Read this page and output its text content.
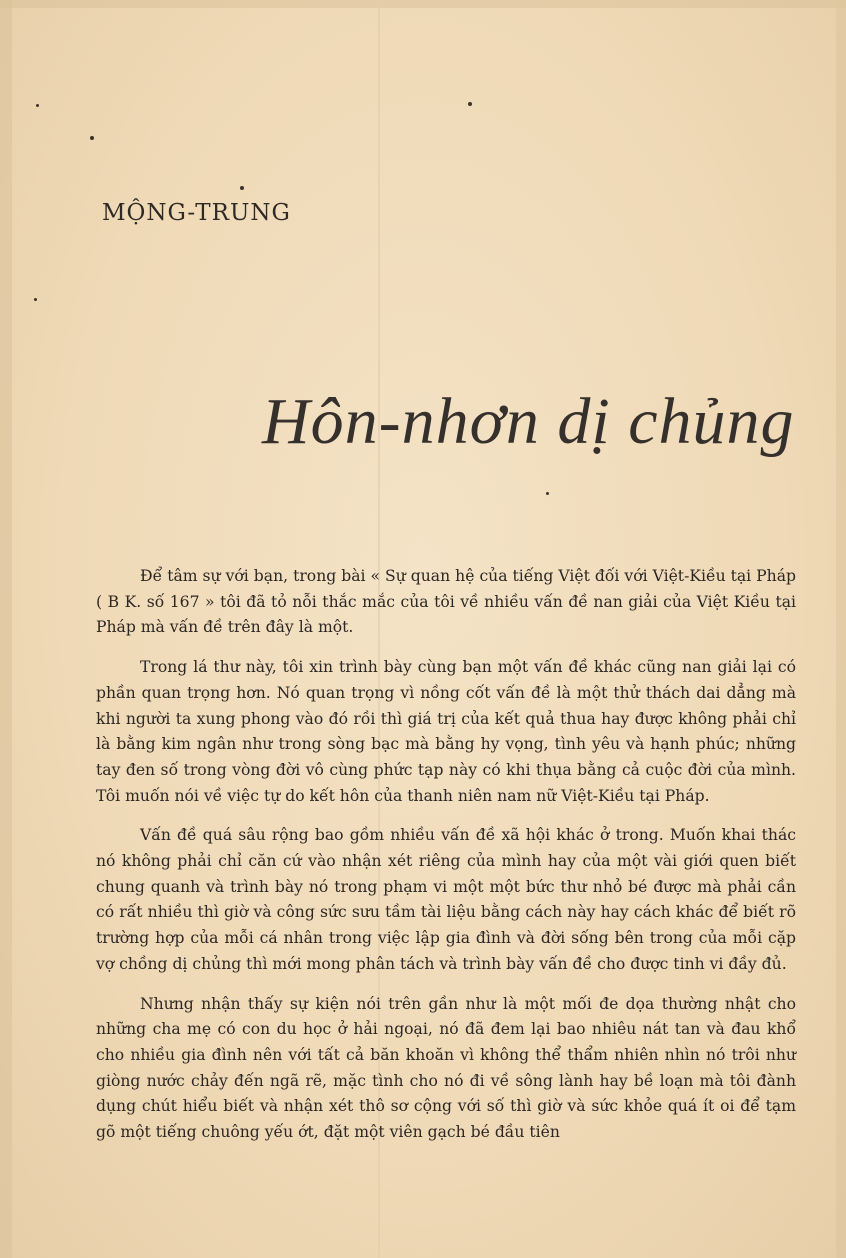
MỘNG-TRUNG
Hôn-nhơn dị chủng

Để tâm sự với bạn, trong bài « Sự quan hệ của tiếng Việt đối với Việt-Kiều tại Pháp ( B K. số 167 » tôi đã tỏ nỗi thắc mắc của tôi về nhiều vấn đề nan giải của Việt Kiều tại Pháp mà vấn đề trên đây là một.

Trong lá thư này, tôi xin trình bày cùng bạn một vấn đề khác cũng nan giải lại có phần quan trọng hơn. Nó quan trọng vì nồng cốt vấn đề là một thử thách dai dẳng mà khi người ta xung phong vào đó rồi thì giá trị của kết quả thua hay được không phải chỉ là bằng kim ngân như trong sòng bạc mà bằng hy vọng, tình yêu và hạnh phúc; những tay đen số trong vòng đời vô cùng phức tạp này có khi thụa bằng cả cuộc đời của mình. Tôi muốn nói về việc tự do kết hôn của thanh niên nam nữ Việt-Kiều tại Pháp.

Vấn đề quá sâu rộng bao gồm nhiều vấn đề xã hội khác ở trong. Muốn khai thác nó không phải chỉ căn cứ vào nhận xét riêng của mình hay của một vài giới quen biết chung quanh và trình bày nó trong phạm vi một một bức thư nhỏ bé được mà phải cần có rất nhiều thì giờ và công sức sưu tầm tài liệu bằng cách này hay cách khác để biết rõ trường hợp của mỗi cá nhân trong việc lập gia đình và đời sống bên trong của mỗi cặp vợ chồng dị chủng thì mới mong phân tách và trình bày vấn đề cho được tinh vi đầy đủ.

Nhưng nhận thấy sự kiện nói trên gần như là một mối đe dọa thường nhật cho những cha mẹ có con du học ở hải ngoại, nó đã đem lại bao nhiêu nát tan và đau khổ cho nhiều gia đình nên với tất cả băn khoăn vì không thể thẩm nhiên nhìn nó trôi như giòng nước chảy đến ngã rẽ, mặc tình cho nó đi về sông lành hay bề loạn mà tôi đành dụng chút hiểu biết và nhận xét thô sơ cộng với số thì giờ và sức khỏe quá ít oi để tạm gõ một tiếng chuông yếu ớt, đặt một viên gạch bé đầu tiên
